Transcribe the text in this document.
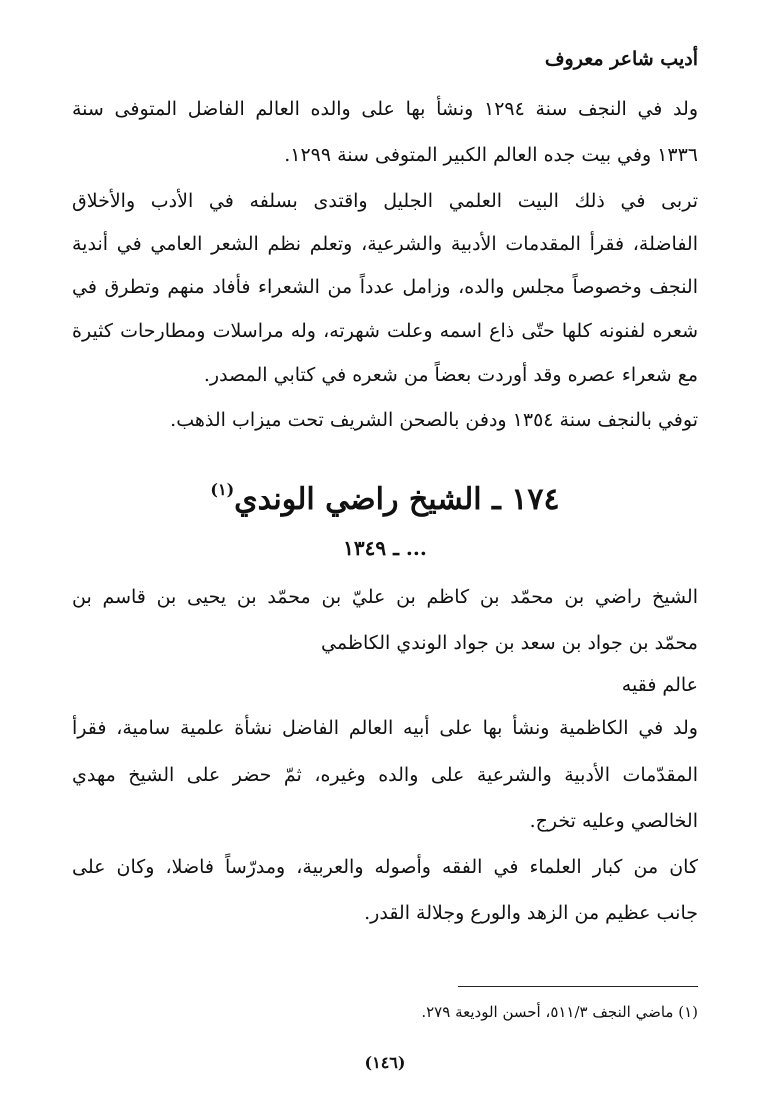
أديب شاعر معروف
ولد في النجف سنة ١٢٩٤ ونشأ بها على والده العالم الفاضل المتوفى سنة
١٣٣٦ وفي بيت جده العالم الكبير المتوفى سنة ١٢٩٩.
تربى في ذلك البيت العلمي الجليل واقتدى بسلفه في الأدب والأخلاق
الفاضلة، فقرأ المقدمات الأدبية والشرعية، وتعلم نظم الشعر العامي في أندية
النجف وخصوصاً مجلس والده، وزامل عدداً من الشعراء فأفاد منهم وتطرق في
شعره لفنونه كلها حتّى ذاع اسمه وعلت شهرته، وله مراسلات ومطارحات كثيرة
مع شعراء عصره وقد أوردت بعضاً من شعره في كتابي المصدر.
توفي بالنجف سنة ١٣٥٤ ودفن بالصحن الشريف تحت ميزاب الذهب.
١٧٤ ـ الشيخ راضي الوندي$^{(١)}$
... ـ ١٣٤٩
الشيخ راضي بن محمّد بن كاظم بن عليّ بن محمّد بن يحيى بن قاسم بن
محمّد بن جواد بن سعد بن جواد الوندي الكاظمي
عالم فقيه
ولد في الكاظمية ونشأ بها على أبيه العالم الفاضل نشأة علمية سامية، فقرأ
المقدّمات الأدبية والشرعية على والده وغيره، ثمّ حضر على الشيخ مهدي
الخالصي وعليه تخرج.
كان من كبار العلماء في الفقه وأصوله والعربية، ومدرّساً فاضلا، وكان على
جانب عظيم من الزهد والورع وجلالة القدر.
(١) ماضي النجف ٥١١/٣، أحسن الوديعة ٢٧٩.
(١٤٦)
